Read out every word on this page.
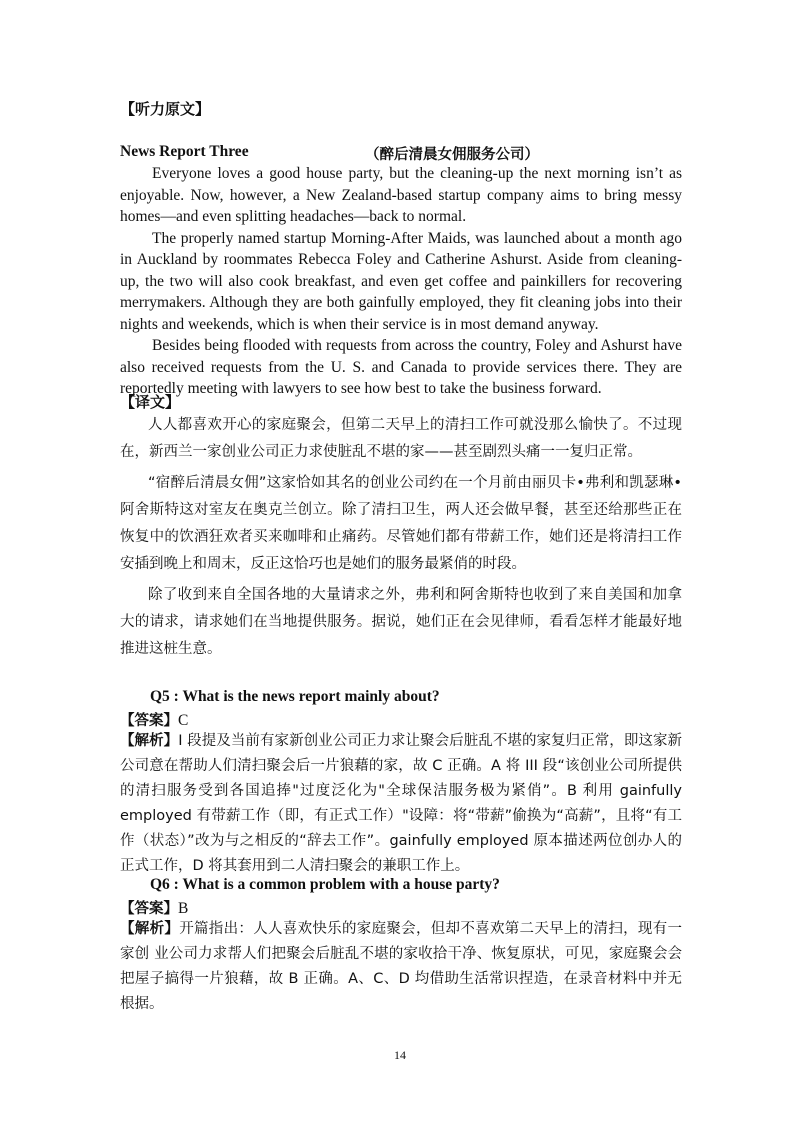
【听力原文】
News Report Three	（醉后清晨女佣服务公司）

Everyone loves a good house party, but the cleaning-up the next morning isn’t as enjoyable. Now, however, a New Zealand-based startup company aims to bring messy homes—and even splitting headaches—back to normal.

The properly named startup Morning-After Maids, was launched about a month ago in Auckland by roommates Rebecca Foley and Catherine Ashurst. Aside from cleaning-up, the two will also cook breakfast, and even get coffee and painkillers for recovering merrymakers. Although they are both gainfully employed, they fit cleaning jobs into their nights and weekends, which is when their service is in most demand anyway.

Besides being flooded with requests from across the country, Foley and Ashurst have also received requests from the U. S. and Canada to provide services there. They are reportedly meeting with lawyers to see how best to take the business forward.

【译文】

人人都喜欢开心的家庭聚会，但第二天早上的清扫工作可就没那么愉快了。不过现在，新西兰一家创业公司正力求使脏乱不堪的家——甚至剧烈头痛一一复归正常。

“宿醉后清晨女佣”这家恰如其名的创业公司约在一个月前由丽贝卡•弗利和凯瑟琳•阿舍斯特这对室友在奥克兰创立。除了清扫卫生，两人还会做早餐，甚至还给那些正在恢复中的饮酒狂欢者买来咖啡和止痛药。尽管她们都有带薪工作，她们还是将清扫工作安插到晚上和周末，反正这恰巧也是她们的服务最紧俏的时段。

除了收到来自全国各地的大量请求之外，弗利和阿舍斯特也收到了来自美国和加拿大的请求，请求她们在当地提供服务。据说，她们正在会见律师，看看怎样才能最好地推进这桩生意。

Q5 : What is the news report mainly about?
【答案】C
【解析】I 段提及当前有家新创业公司正力求让聚会后脏乱不堪的家复归正常，即这家新公司意在帮助人们清扫聚会后一片狼藉的家，故 C 正确。A 将 III 段“该创业公司所提供的清扫服务受到各国追捧"过度泛化为"全球保洁服务极为紧俏”。B 利用 gainfully employed 有带薪工作（即，有正式工作）"设障：将“带薪”偷换为“高薪”，且将“有工作（状态）”改为与之相反的“辞去工作”。gainfully employed 原本描述两位创办人的正式工作，D 将其套用到二人清扫聚会的兼职工作上。
Q6 : What is a common problem with a house party?
【答案】B
【解析】开篇指出：人人喜欢快乐的家庭聚会，但却不喜欢第二天早上的清扫，现有一家创 业公司力求帮人们把聚会后脏乱不堪的家收拾干净、恢复原状，可见，家庭聚会会把屋子搞得一片狼藉，故 B 正确。A、C、D 均借助生活常识捏造，在录音材料中并无根据。
14
